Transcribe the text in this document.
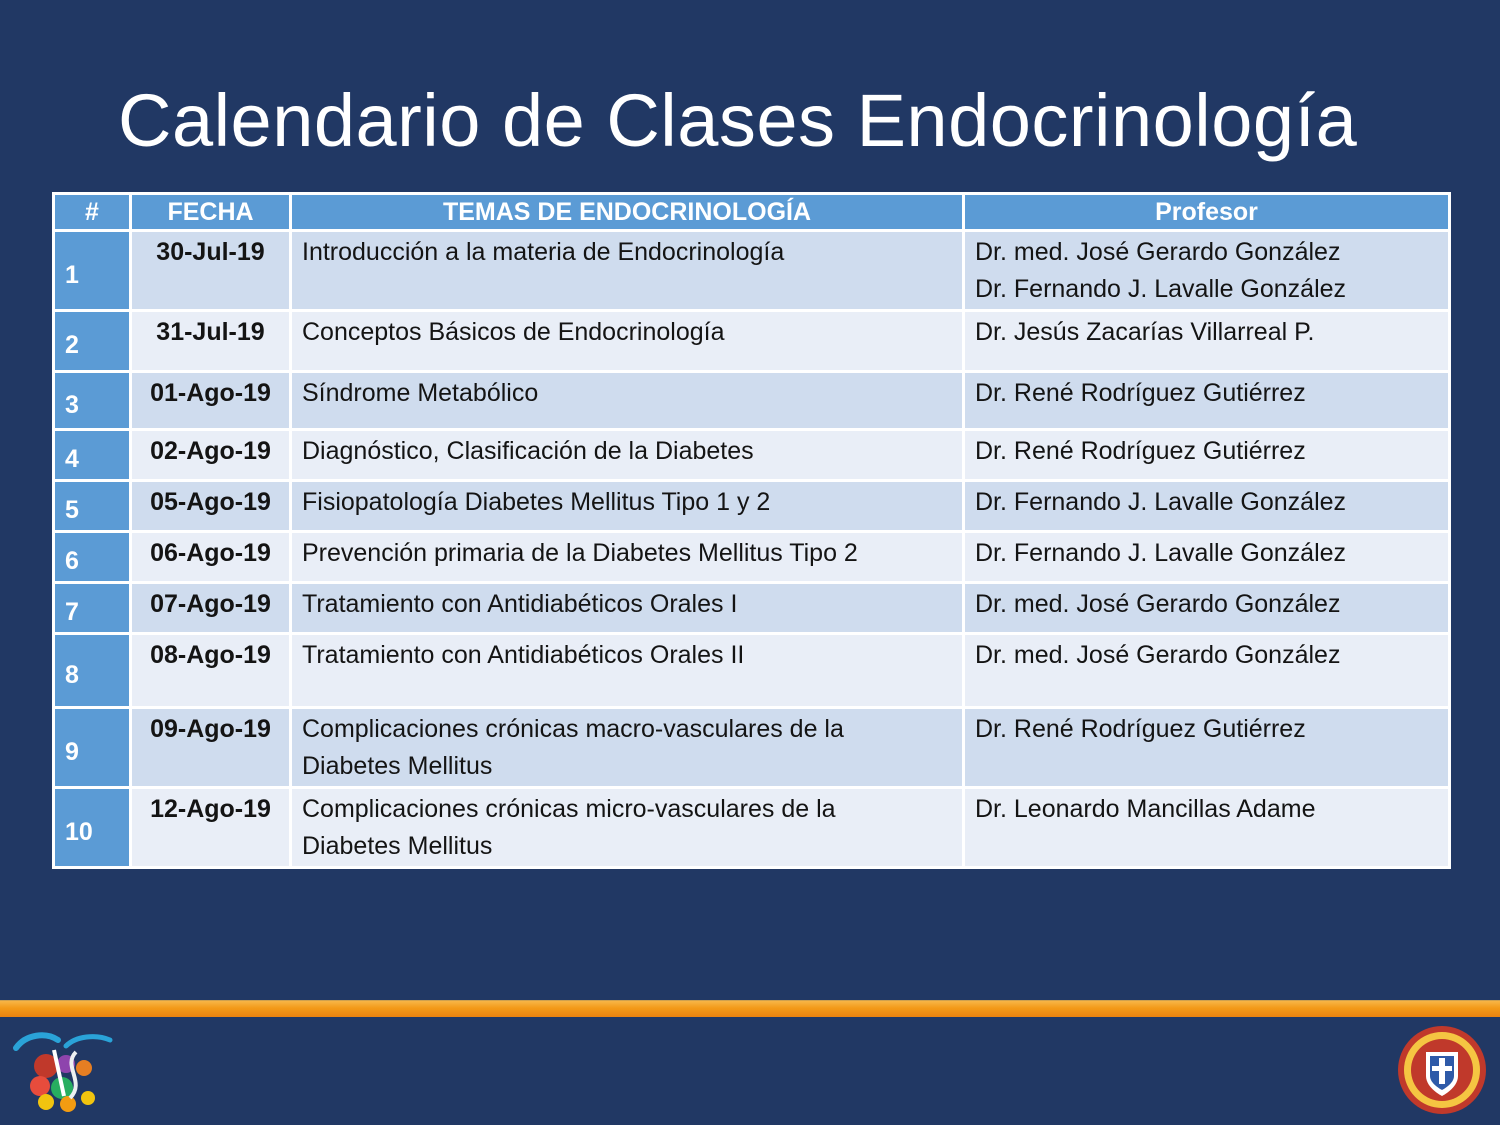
Calendario de Clases Endocrinología
#	FECHA	TEMAS DE ENDOCRINOLOGÍA	Profesor
1	30-Jul-19	Introducción a la materia de Endocrinología	Dr. med. José Gerardo González
Dr. Fernando J. Lavalle González

2	31-Jul-19	Conceptos Básicos de Endocrinología	Dr. Jesús Zacarías Villarreal P.

3	01-Ago-19	Síndrome Metabólico	Dr. René Rodríguez Gutiérrez

4	02-Ago-19	Diagnóstico, Clasificación de la Diabetes	Dr. René Rodríguez Gutiérrez

5	05-Ago-19	Fisiopatología Diabetes Mellitus Tipo 1 y 2	Dr. Fernando J. Lavalle González

6	06-Ago-19	Prevención primaria de la Diabetes Mellitus Tipo 2	Dr. Fernando J. Lavalle González

7	07-Ago-19	Tratamiento con Antidiabéticos Orales I	Dr. med. José Gerardo González

8	08-Ago-19	Tratamiento con Antidiabéticos Orales II	Dr. med. José Gerardo González

9	09-Ago-19	Complicaciones crónicas macro-vasculares de la
Diabetes Mellitus	Dr. René Rodríguez Gutiérrez

10	12-Ago-19	Complicaciones crónicas micro-vasculares de la
Diabetes Mellitus	Dr. Leonardo Mancillas Adame
